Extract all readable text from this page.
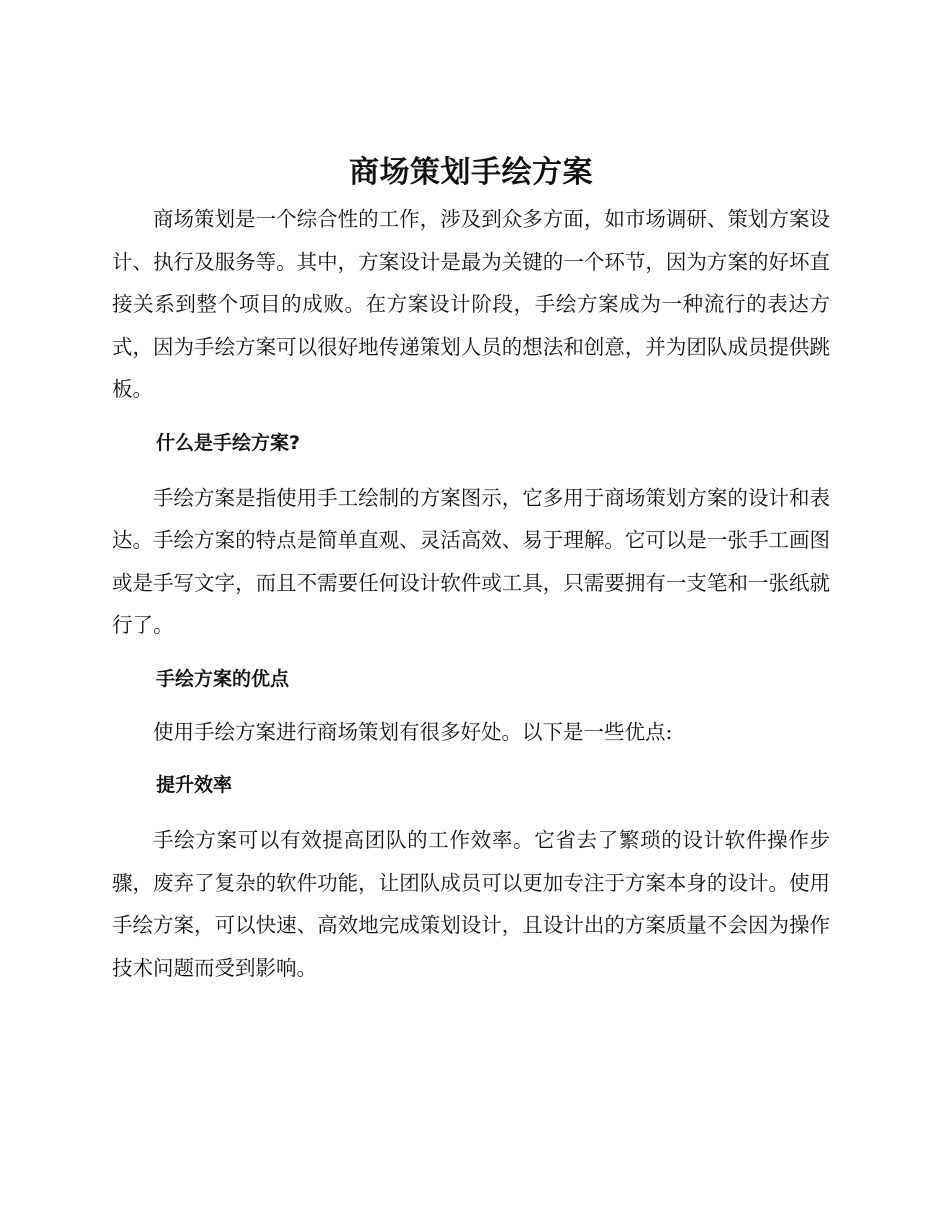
商场策划手绘方案

商场策划是一个综合性的工作，涉及到众多方面，如市场调研、策划方案设计、执行及服务等。其中，方案设计是最为关键的一个环节，因为方案的好坏直接关系到整个项目的成败。在方案设计阶段，手绘方案成为一种流行的表达方式，因为手绘方案可以很好地传递策划人员的想法和创意，并为团队成员提供跳板。

什么是手绘方案?

手绘方案是指使用手工绘制的方案图示，它多用于商场策划方案的设计和表达。手绘方案的特点是简单直观、灵活高效、易于理解。它可以是一张手工画图或是手写文字，而且不需要任何设计软件或工具，只需要拥有一支笔和一张纸就行了。

手绘方案的优点

使用手绘方案进行商场策划有很多好处。以下是一些优点:

提升效率

手绘方案可以有效提高团队的工作效率。它省去了繁琐的设计软件操作步骤，废弃了复杂的软件功能，让团队成员可以更加专注于方案本身的设计。使用手绘方案，可以快速、高效地完成策划设计，且设计出的方案质量不会因为操作技术问题而受到影响。
